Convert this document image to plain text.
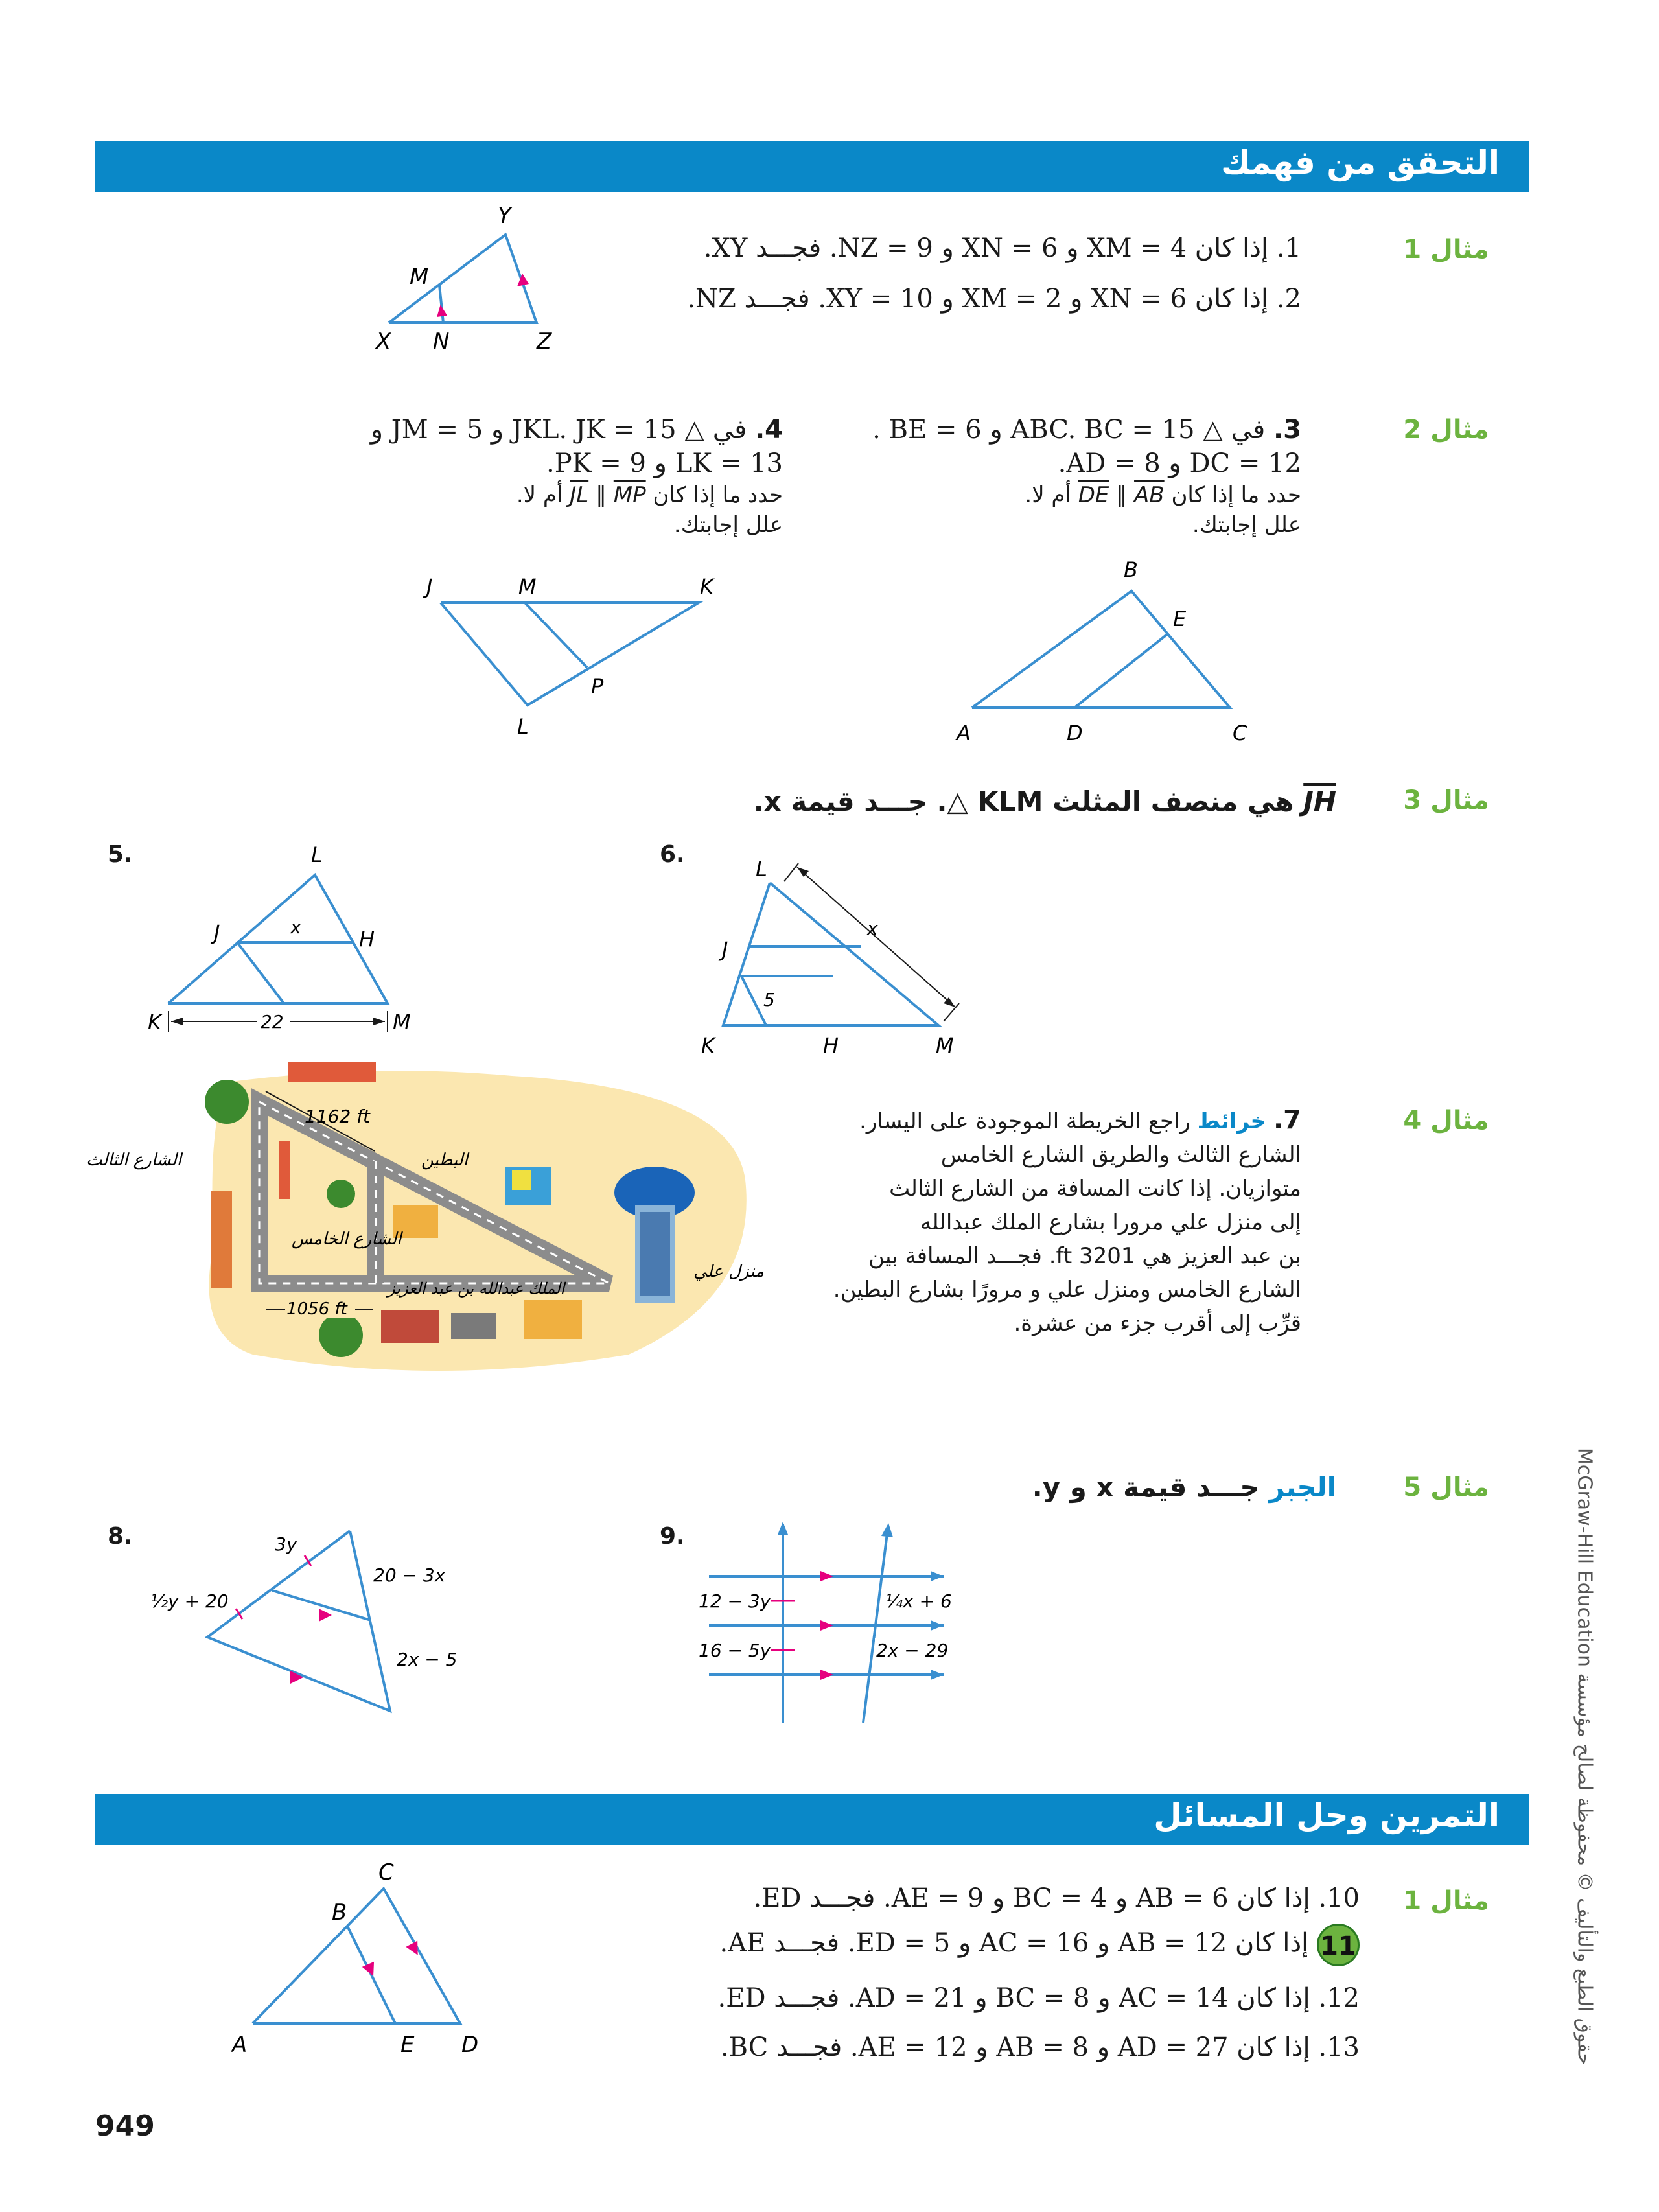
التحقق من فهمك
مثال 1
1. إذا كان XM = 4 و XN = 6 و NZ = 9. فجـــد XY.
2. إذا كان XN = 6 و XM = 2 و XY = 10. فجـــد NZ.
X
Y
Z
M
N
مثال 2
3. في △ ABC. BC = 15 و BE = 6 .
DC = 12 و AD = 8.
حدد ما إذا كان DE ∥ AB أم لا.
علل إجابتك.
4. في △ JKL. JK = 15 و JM = 5 و
LK = 13 و PK = 9.
حدد ما إذا كان JL ∥ MP أم لا.
علل إجابتك.
A
B
C
D
E
J	M	K
L
P
مثال 3
JH هي منصف المثلث KLM △. جـــد قيمة x.
5.	L
J	H
K	M
x
22
6.
L
J
K	H	M
x
5
مثال 4
7. خرائط راجع الخريطة الموجودة على اليسار.
الشارع الثالث والطريق الشارع الخامس
متوازيان. إذا كانت المسافة من الشارع الثالث
إلى منزل علي مرورا بشارع الملك عبدالله
بن عبد العزيز هي 3201 ft. فجـــد المسافة بين
الشارع الخامس ومنزل علي و مرورًا بشارع البطين.
قرِّب إلى أقرب جزء من عشرة.
1162 ft
1056 ft
الشارع الثالث
الشارع الخامس
البطين
الملك عبدالله بن عبد العزيز
منزل علي
مثال 5
الجبر جـــد قيمة x و y.
8.	3y
20 − 3x
½y + 20
2x − 5
9.
12 − 3y	¼x + 6
16 − 5y	2x − 29
التمرين وحل المسائل
مثال 1
10. إذا كان AB = 6 و BC = 4 و AE = 9. فجـــد ED.
11 إذا كان AB = 12 و AC = 16 و ED = 5. فجـــد AE.
12. إذا كان AC = 14 و BC = 8 و AD = 21. فجـــد ED.
13. إذا كان AD = 27 و AB = 8 و AE = 12. فجـــد BC.
A
B
C
D
E
حقوق الطبع والتأليف © محفوظة لصالح مؤسسة McGraw-Hill Education
949
